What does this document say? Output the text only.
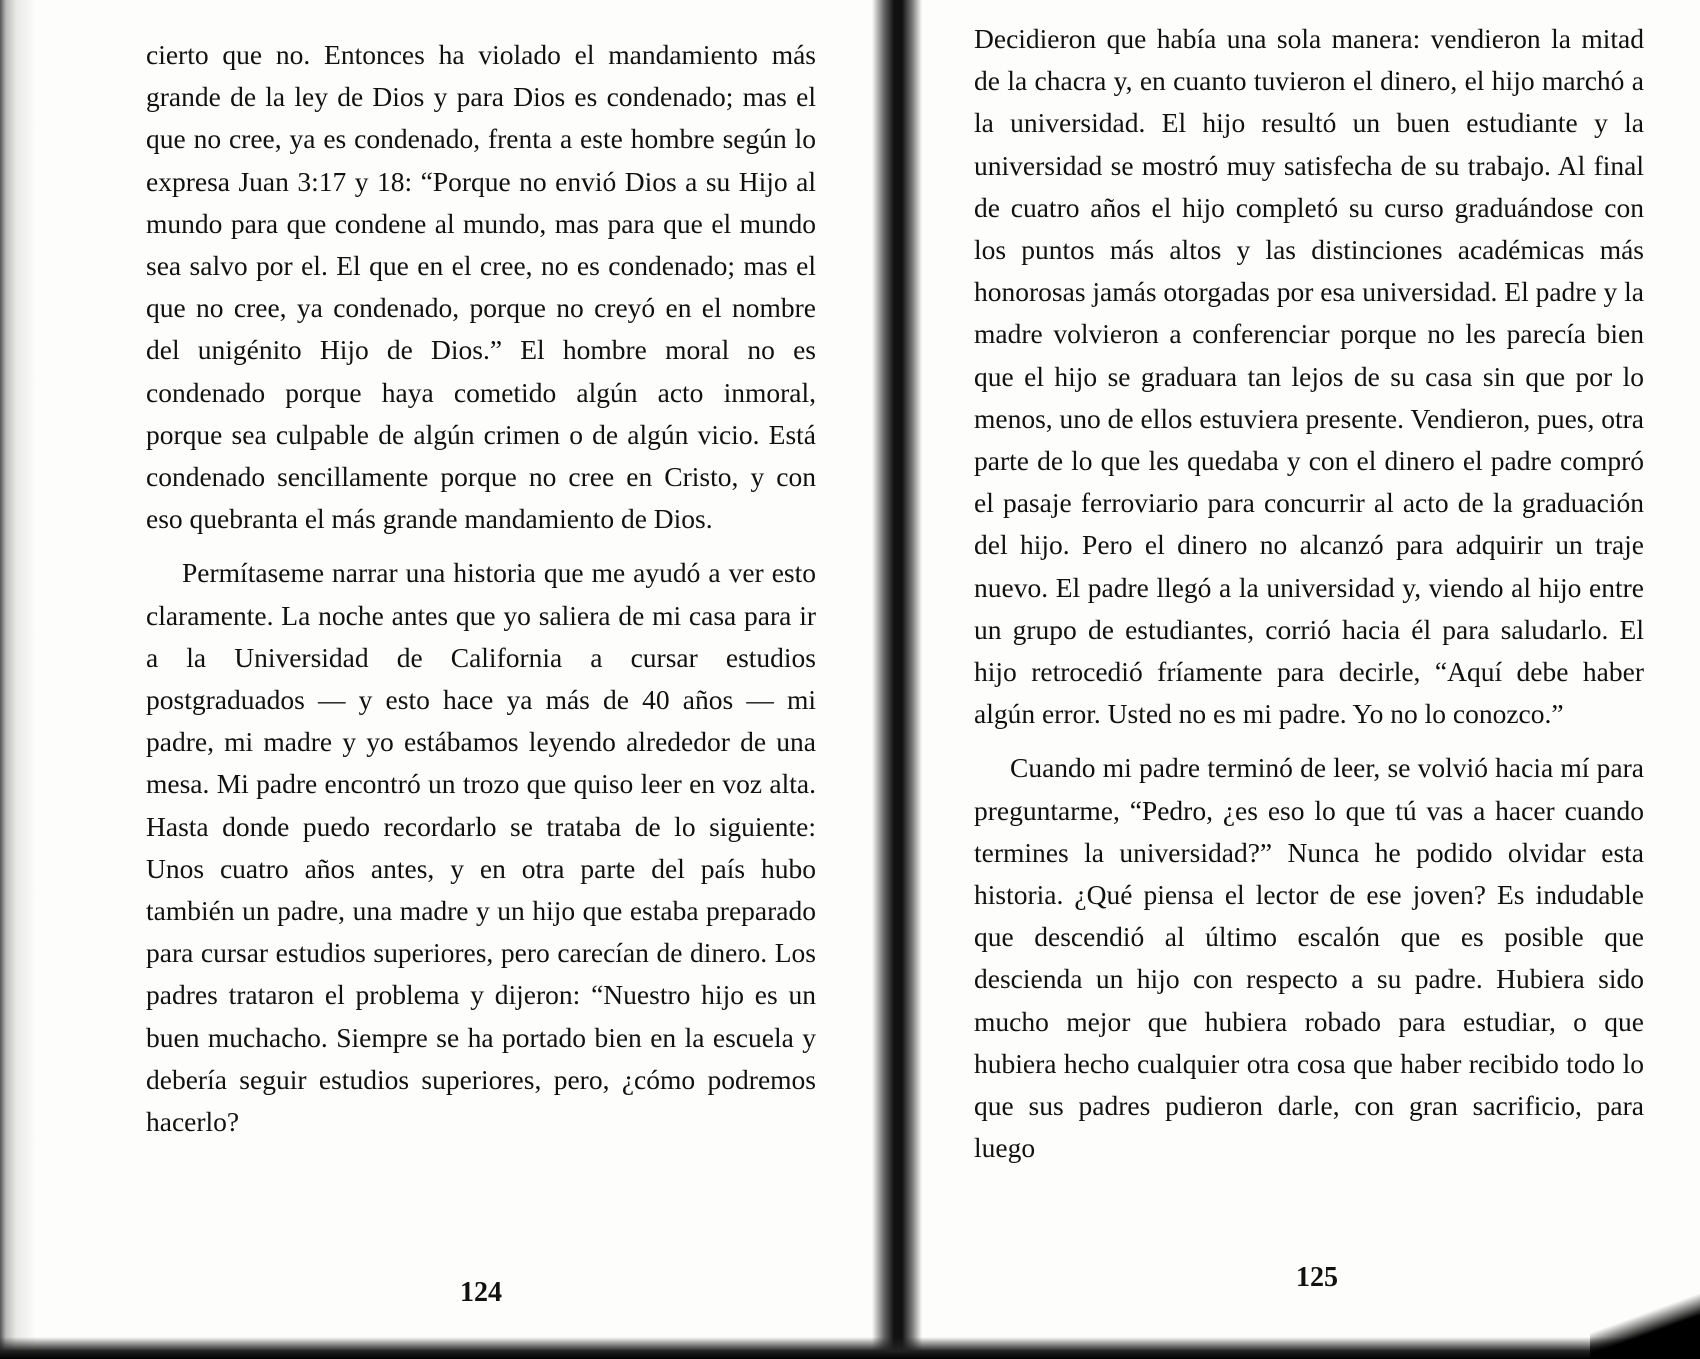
cierto que no. Entonces ha violado el mandamiento más grande de la ley de Dios y para Dios es condenado; mas el que no cree, ya es condenado, frenta a este hombre según lo expresa Juan 3:17 y 18: “Porque no envió Dios a su Hijo al mundo para que condene al mundo, mas para que el mundo sea salvo por el. El que en el cree, no es condenado; mas el que no cree, ya condenado, porque no creyó en el nombre del unigénito Hijo de Dios.” El hombre moral no es condenado porque haya cometido algún acto inmoral, porque sea culpable de algún crimen o de algún vicio. Está condenado sencillamente porque no cree en Cristo, y con eso quebranta el más grande mandamiento de Dios.

Permítaseme narrar una historia que me ayudó a ver esto claramente. La noche antes que yo saliera de mi casa para ir a la Universidad de California a cursar estudios postgraduados — y esto hace ya más de 40 años — mi padre, mi madre y yo estábamos leyendo alrededor de una mesa. Mi padre encontró un trozo que quiso leer en voz alta. Hasta donde puedo recordarlo se trataba de lo siguiente: Unos cuatro años antes, y en otra parte del país hubo también un padre, una madre y un hijo que estaba preparado para cursar estudios superiores, pero carecían de dinero. Los padres trataron el problema y dijeron: “Nuestro hijo es un buen muchacho. Siempre se ha portado bien en la escuela y debería seguir estudios superiores, pero, ¿cómo podremos hacerlo?

124

Decidieron que había una sola manera: vendieron la mitad de la chacra y, en cuanto tuvieron el dinero, el hijo marchó a la universidad. El hijo resultó un buen estudiante y la universidad se mostró muy satisfecha de su trabajo. Al final de cuatro años el hijo completó su curso graduándose con los puntos más altos y las distinciones académicas más honorosas jamás otorgadas por esa universidad. El padre y la madre volvieron a conferenciar porque no les parecía bien que el hijo se graduara tan lejos de su casa sin que por lo menos, uno de ellos estuviera presente. Vendieron, pues, otra parte de lo que les quedaba y con el dinero el padre compró el pasaje ferroviario para concurrir al acto de la graduación del hijo. Pero el dinero no alcanzó para adquirir un traje nuevo. El padre llegó a la universidad y, viendo al hijo entre un grupo de estudiantes, corrió hacia él para saludarlo. El hijo retrocedió fríamente para decirle, “Aquí debe haber algún error. Usted no es mi padre. Yo no lo conozco.”

Cuando mi padre terminó de leer, se volvió hacia mí para preguntarme, “Pedro, ¿es eso lo que tú vas a hacer cuando termines la universidad?” Nunca he podido olvidar esta historia. ¿Qué piensa el lector de ese joven? Es indudable que descendió al último escalón que es posible que descienda un hijo con respecto a su padre. Hubiera sido mucho mejor que hubiera robado para estudiar, o que hubiera hecho cualquier otra cosa que haber recibido todo lo que sus padres pudieron darle, con gran sacrificio, para luego

125
